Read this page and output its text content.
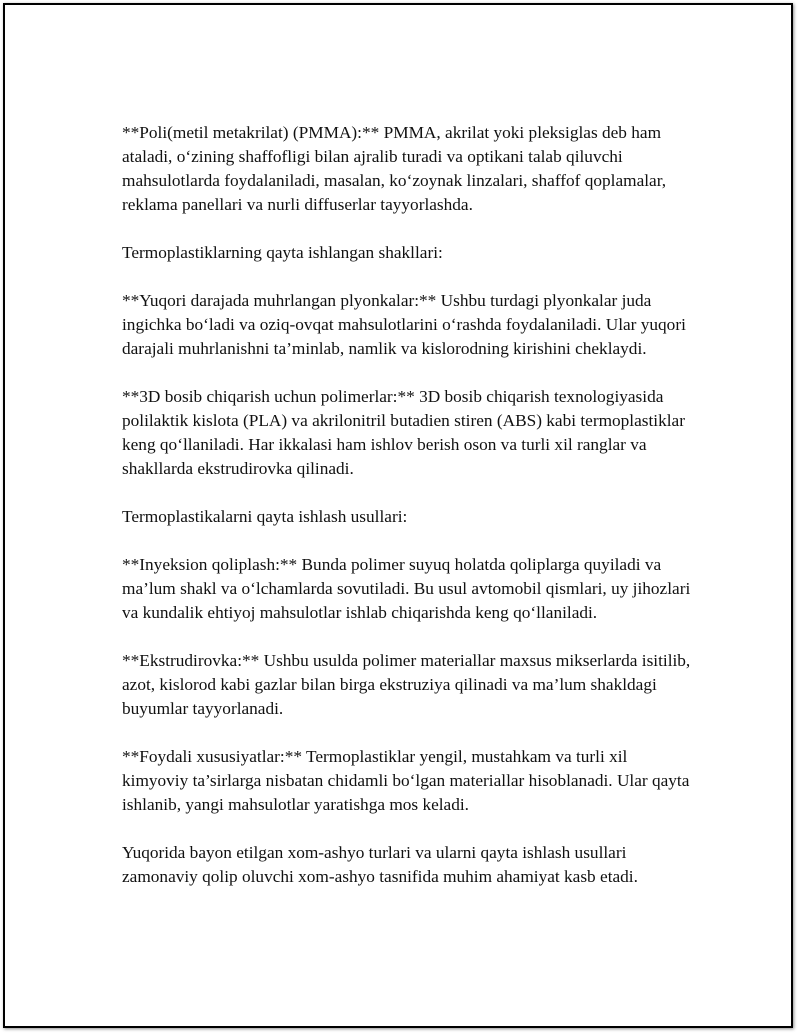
**Poli(metil metakrilat) (PMMA):** PMMA, akrilat yoki pleksiglas deb ham ataladi, o‘zining shaffofligi bilan ajralib turadi va optikani talab qiluvchi mahsulotlarda foydalaniladi, masalan, ko‘zoynak linzalari, shaffof qoplamalar, reklama panellari va nurli diffuserlar tayyorlashda.

Termoplastiklarning qayta ishlangan shakllari:

**Yuqori darajada muhrlangan plyonkalar:** Ushbu turdagi plyonkalar juda ingichka bo‘ladi va oziq-ovqat mahsulotlarini o‘rashda foydalaniladi. Ular yuqori darajali muhrlanishni ta’minlab, namlik va kislorodning kirishini cheklaydi.

**3D bosib chiqarish uchun polimerlar:** 3D bosib chiqarish texnologiyasida polilaktik kislota (PLA) va akrilonitril butadien stiren (ABS) kabi termoplastiklar keng qo‘llaniladi. Har ikkalasi ham ishlov berish oson va turli xil ranglar va shakllarda ekstrudirovka qilinadi.

Termoplastikalarni qayta ishlash usullari:

**Inyeksion qoliplash:** Bunda polimer suyuq holatda qoliplarga quyiladi va ma’lum shakl va o‘lchamlarda sovutiladi. Bu usul avtomobil qismlari, uy jihozlari va kundalik ehtiyoj mahsulotlar ishlab chiqarishda keng qo‘llaniladi.

**Ekstrudirovka:** Ushbu usulda polimer materiallar maxsus mikserlarda isitilib, azot, kislorod kabi gazlar bilan birga ekstruziya qilinadi va ma’lum shakldagi buyumlar tayyorlanadi.

**Foydali xususiyatlar:** Termoplastiklar yengil, mustahkam va turli xil kimyoviy ta’sirlarga nisbatan chidamli bo‘lgan materiallar hisoblanadi. Ular qayta ishlanib, yangi mahsulotlar yaratishga mos keladi.

Yuqorida bayon etilgan xom-ashyo turlari va ularni qayta ishlash usullari zamonaviy qolip oluvchi xom-ashyo tasnifida muhim ahamiyat kasb etadi.
